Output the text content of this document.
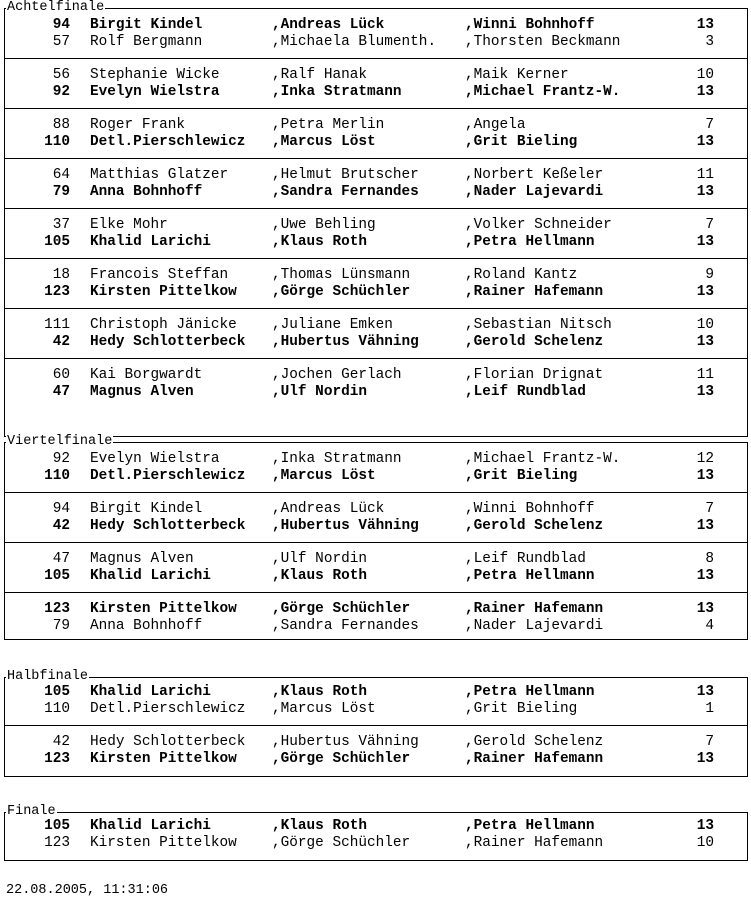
Achtelfinale
94 Birgit Kindel	,Andreas Lück	,Winni Bohnhoff	13
57 Rolf Bergmann	,Michaela Blumenth. ,Thorsten Beckmann	3
56 Stephanie Wicke	,Ralf Hanak	,Maik Kerner	10
92 Evelyn Wielstra	,Inka Stratmann	,Michael Frantz-W.	13
88 Roger Frank	,Petra Merlin	,Angela	7
110 Detl.Pierschlewicz ,Marcus Löst	,Grit Bieling	13
64 Matthias Glatzer	,Helmut Brutscher	,Norbert Keßeler	11
79 Anna Bohnhoff	,Sandra Fernandes	,Nader Lajevardi	13
37 Elke Mohr	,Uwe Behling	,Volker Schneider	7
105 Khalid Larichi	,Klaus Roth	,Petra Hellmann	13
18 Francois Steffan	,Thomas Lünsmann	,Roland Kantz	9
123 Kirsten Pittelkow ,Görge Schüchler	,Rainer Hafemann	13
111 Christoph Jänicke ,Juliane Emken	,Sebastian Nitsch	10
42 Hedy Schlotterbeck ,Hubertus Vähning	,Gerold Schelenz	13
60 Kai Borgwardt	,Jochen Gerlach	,Florian Drignat	11
47 Magnus Alven	,Ulf Nordin	,Leif Rundblad	13
Viertelfinale
92 Evelyn Wielstra	,Inka Stratmann	,Michael Frantz-W.	12
110 Detl.Pierschlewicz ,Marcus Löst	,Grit Bieling	13
94 Birgit Kindel	,Andreas Lück	,Winni Bohnhoff	7
42 Hedy Schlotterbeck ,Hubertus Vähning	,Gerold Schelenz	13
47 Magnus Alven	,Ulf Nordin	,Leif Rundblad	8
105 Khalid Larichi	,Klaus Roth	,Petra Hellmann	13
123 Kirsten Pittelkow ,Görge Schüchler	,Rainer Hafemann	13
79 Anna Bohnhoff	,Sandra Fernandes	,Nader Lajevardi	4
Halbfinale
105 Khalid Larichi	,Klaus Roth	,Petra Hellmann	13
110 Detl.Pierschlewicz ,Marcus Löst	,Grit Bieling	1
42 Hedy Schlotterbeck ,Hubertus Vähning	,Gerold Schelenz	7
123 Kirsten Pittelkow ,Görge Schüchler	,Rainer Hafemann	13
Finale
105 Khalid Larichi	,Klaus Roth	,Petra Hellmann	13
123 Kirsten Pittelkow ,Görge Schüchler	,Rainer Hafemann	10
22.08.2005, 11:31:06
